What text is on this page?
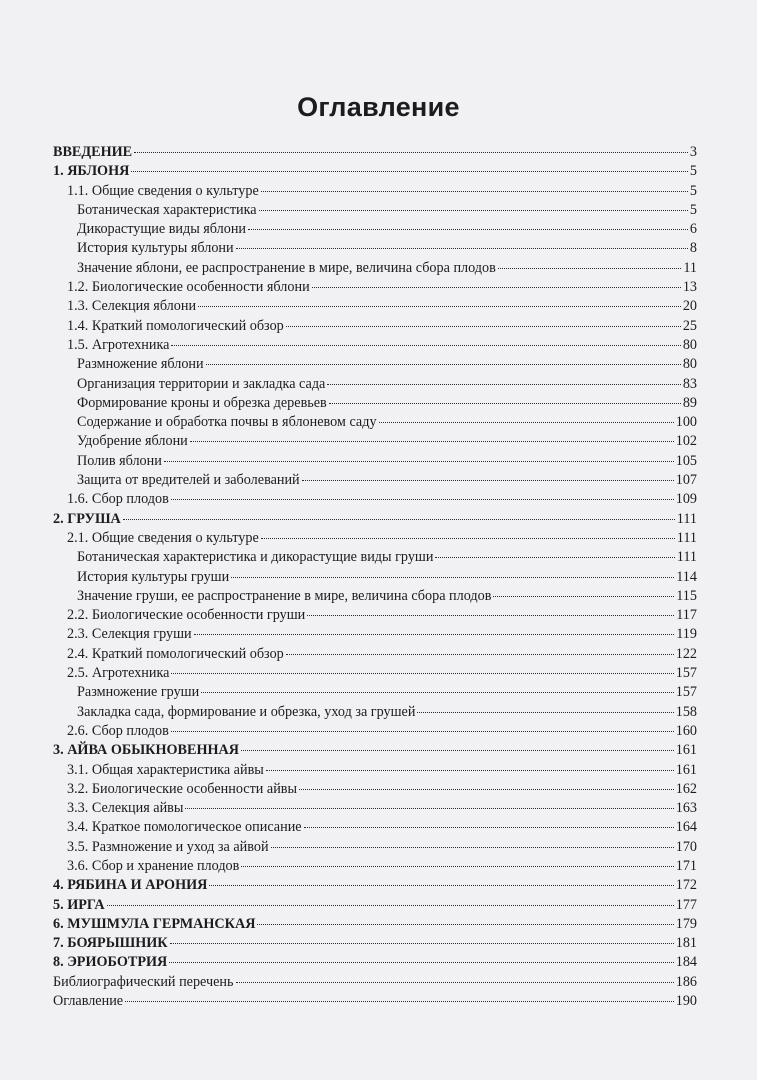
Оглавление
ВВЕДЕНИЕ	3
1. ЯБЛОНЯ	5
1.1. Общие сведения о культуре	5
Ботаническая характеристика	5
Дикорастущие виды яблони	6
История культуры яблони	8
Значение яблони, ее распространение в мире, величина сбора плодов	11
1.2. Биологические особенности яблони	13
1.3. Селекция яблони	20
1.4. Краткий помологический обзор	25
1.5. Агротехника	80
Размножение яблони	80
Организация территории и закладка сада	83
Формирование кроны и обрезка деревьев	89
Содержание и обработка почвы в яблоневом саду	100
Удобрение яблони	102
Полив яблони	105
Защита от вредителей и заболеваний	107
1.6. Сбор плодов	109
2. ГРУША	111
2.1. Общие сведения о культуре	111
Ботаническая характеристика и дикорастущие виды груши	111
История культуры груши	114
Значение груши, ее распространение в мире, величина сбора плодов	115
2.2. Биологические особенности груши	117
2.3. Селекция груши	119
2.4. Краткий помологический обзор	122
2.5. Агротехника	157
Размножение груши	157
Закладка сада, формирование и обрезка, уход за грушей	158
2.6. Сбор плодов	160
3. АЙВА ОБЫКНОВЕННАЯ	161
3.1. Общая характеристика айвы	161
3.2. Биологические особенности айвы	162
3.3. Селекция айвы	163
3.4. Краткое помологическое описание	164
3.5. Размножение и уход за айвой	170
3.6. Сбор и хранение плодов	171
4. РЯБИНА И АРОНИЯ	172
5. ИРГА	177
6. МУШМУЛА ГЕРМАНСКАЯ	179
7. БОЯРЫШНИК	181
8. ЭРИОБОТРИЯ	184
Библиографический перечень	186
Оглавление	190
